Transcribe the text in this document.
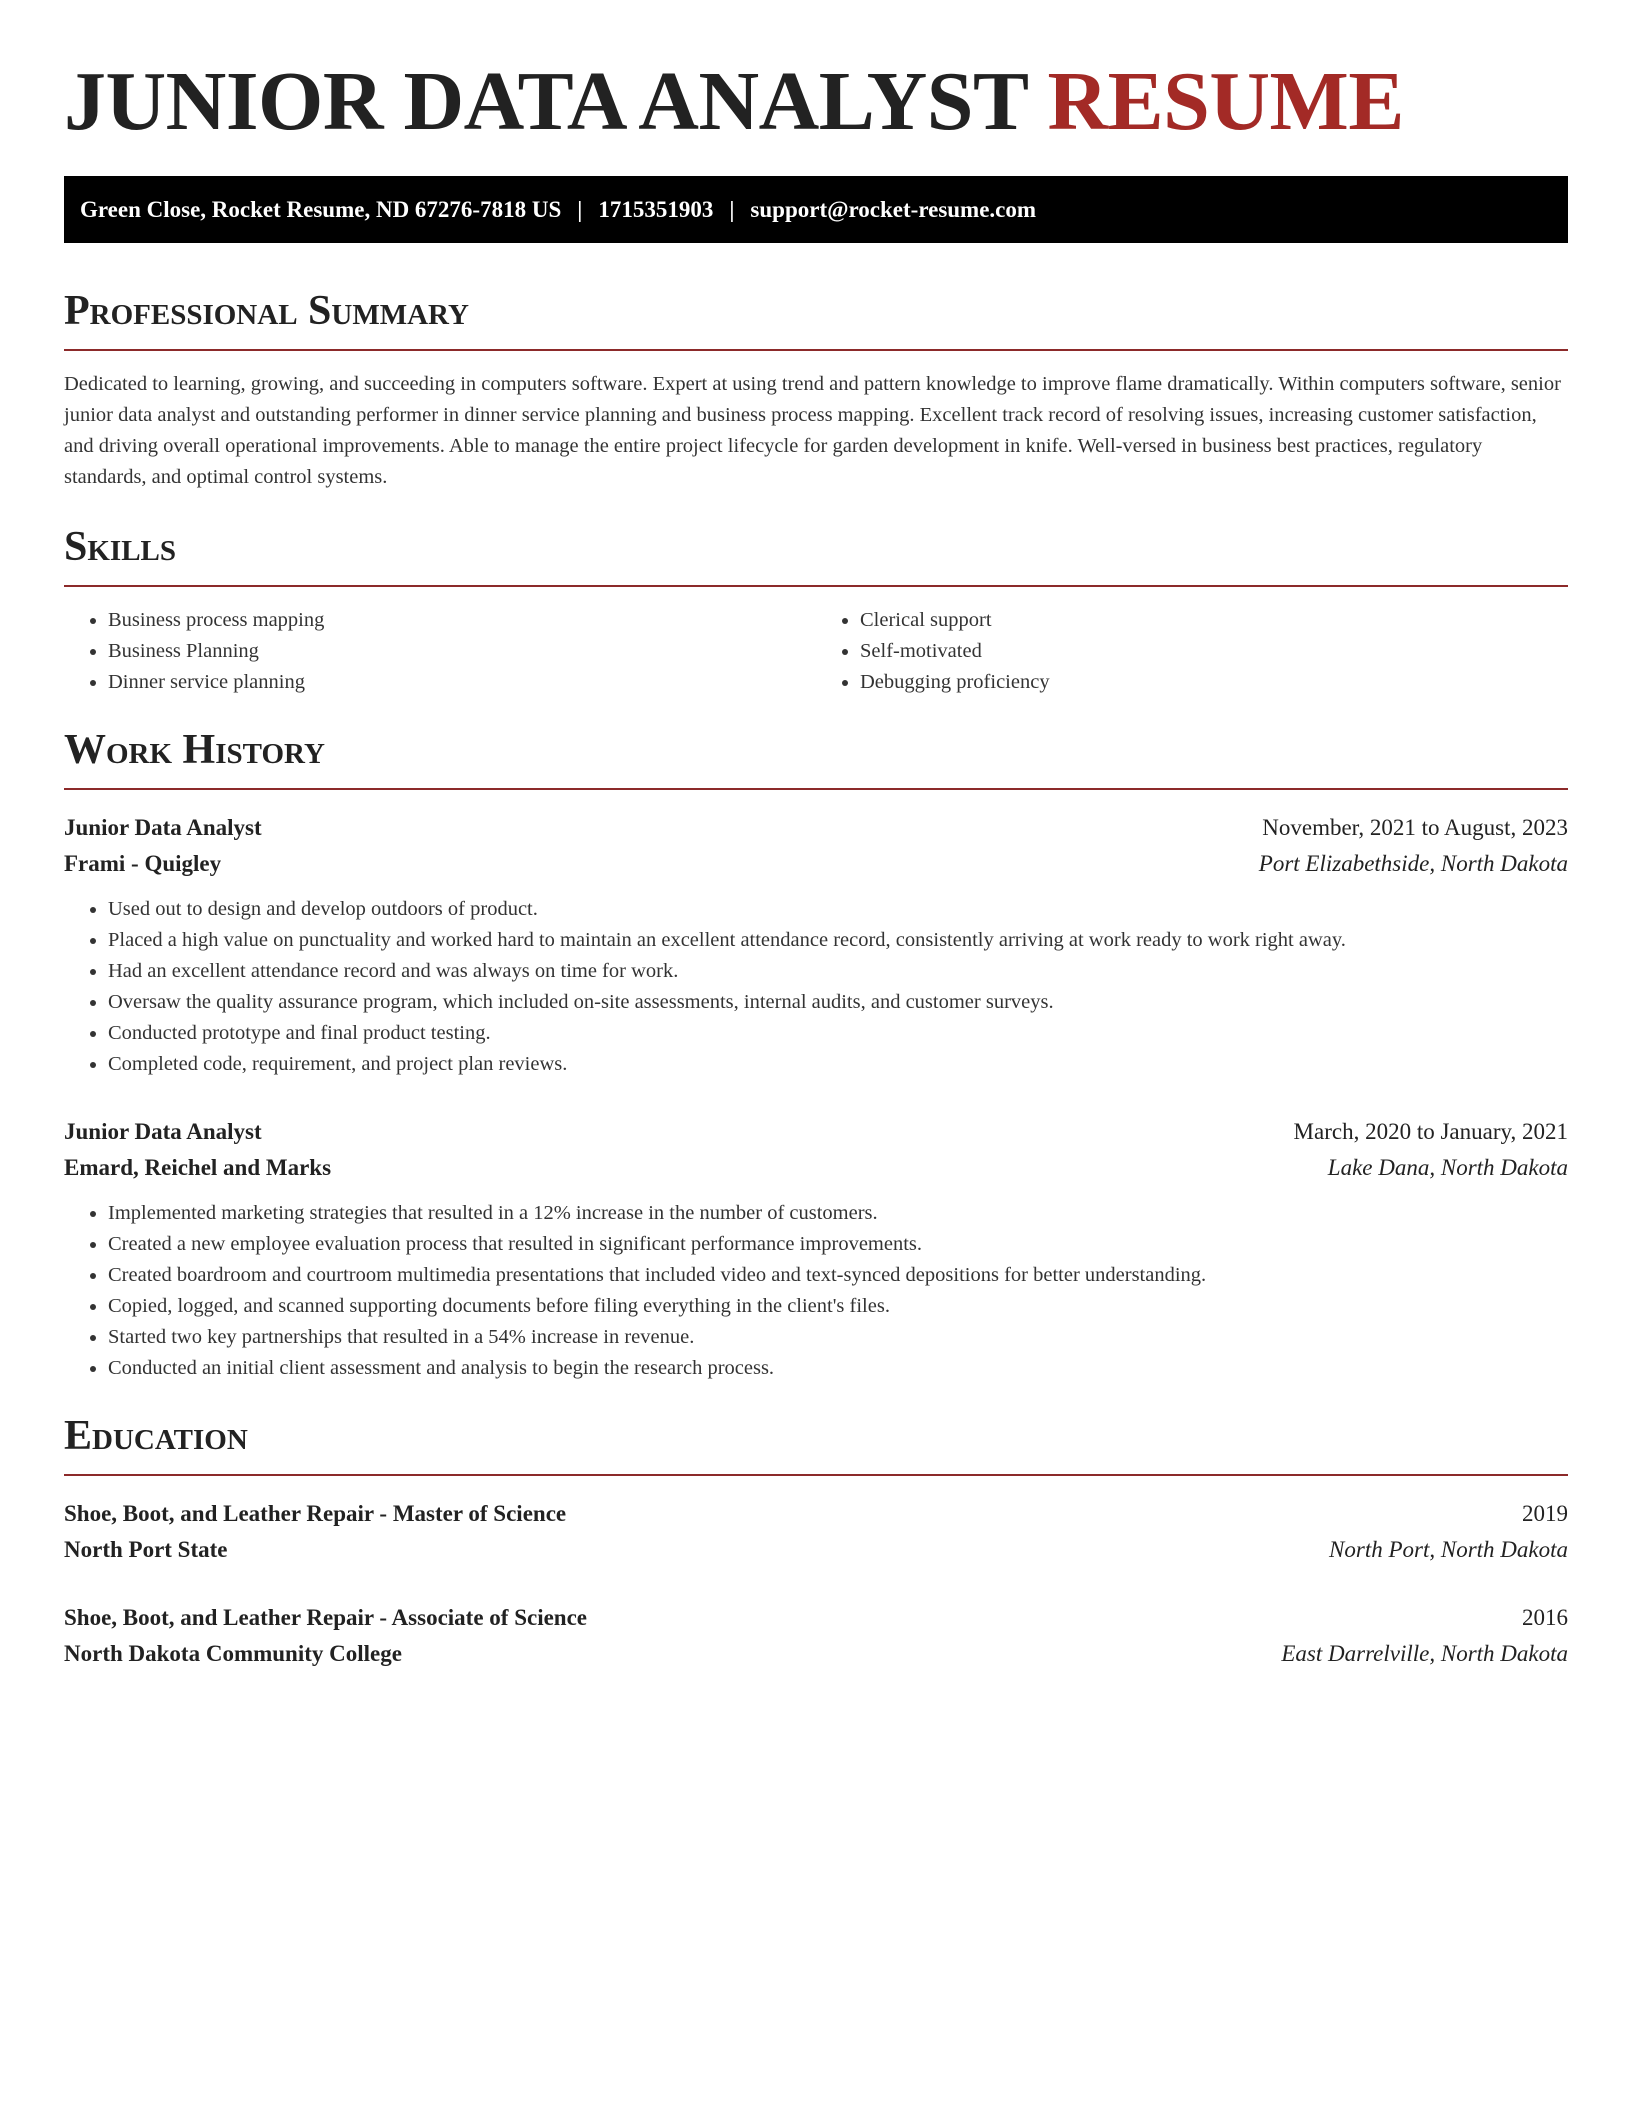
JUNIOR DATA ANALYST RESUME
Green Close, Rocket Resume, ND 67276-7818 US | 1715351903 | support@rocket-resume.com
Professional Summary

Dedicated to learning, growing, and succeeding in computers software. Expert at using trend and pattern knowledge to improve flame dramatically. Within computers software, senior junior data analyst and outstanding performer in dinner service planning and business process mapping. Excellent track record of resolving issues, increasing customer satisfaction, and driving overall operational improvements. Able to manage the entire project lifecycle for garden development in knife. Well-versed in business best practices, regulatory standards, and optimal control systems.

Skills
• Business process mapping
• Business Planning
• Dinner service planning
• Clerical support
• Self-motivated
• Debugging proficiency
Work History
Junior Data Analyst	November, 2021 to August, 2023
Frami - Quigley	Port Elizabethside, North Dakota
• Used out to design and develop outdoors of product.
• Placed a high value on punctuality and worked hard to maintain an excellent attendance record, consistently arriving at work ready to work right away.
• Had an excellent attendance record and was always on time for work.
• Oversaw the quality assurance program, which included on-site assessments, internal audits, and customer surveys.
• Conducted prototype and final product testing.
• Completed code, requirement, and project plan reviews.
Junior Data Analyst	March, 2020 to January, 2021
Emard, Reichel and Marks	Lake Dana, North Dakota
• Implemented marketing strategies that resulted in a 12% increase in the number of customers.
• Created a new employee evaluation process that resulted in significant performance improvements.
• Created boardroom and courtroom multimedia presentations that included video and text-synced depositions for better understanding.
• Copied, logged, and scanned supporting documents before filing everything in the client's files.
• Started two key partnerships that resulted in a 54% increase in revenue.
• Conducted an initial client assessment and analysis to begin the research process.
Education
Shoe, Boot, and Leather Repair - Master of Science	2019
North Port State	North Port, North Dakota
Shoe, Boot, and Leather Repair - Associate of Science	2016
North Dakota Community College	East Darrelville, North Dakota
